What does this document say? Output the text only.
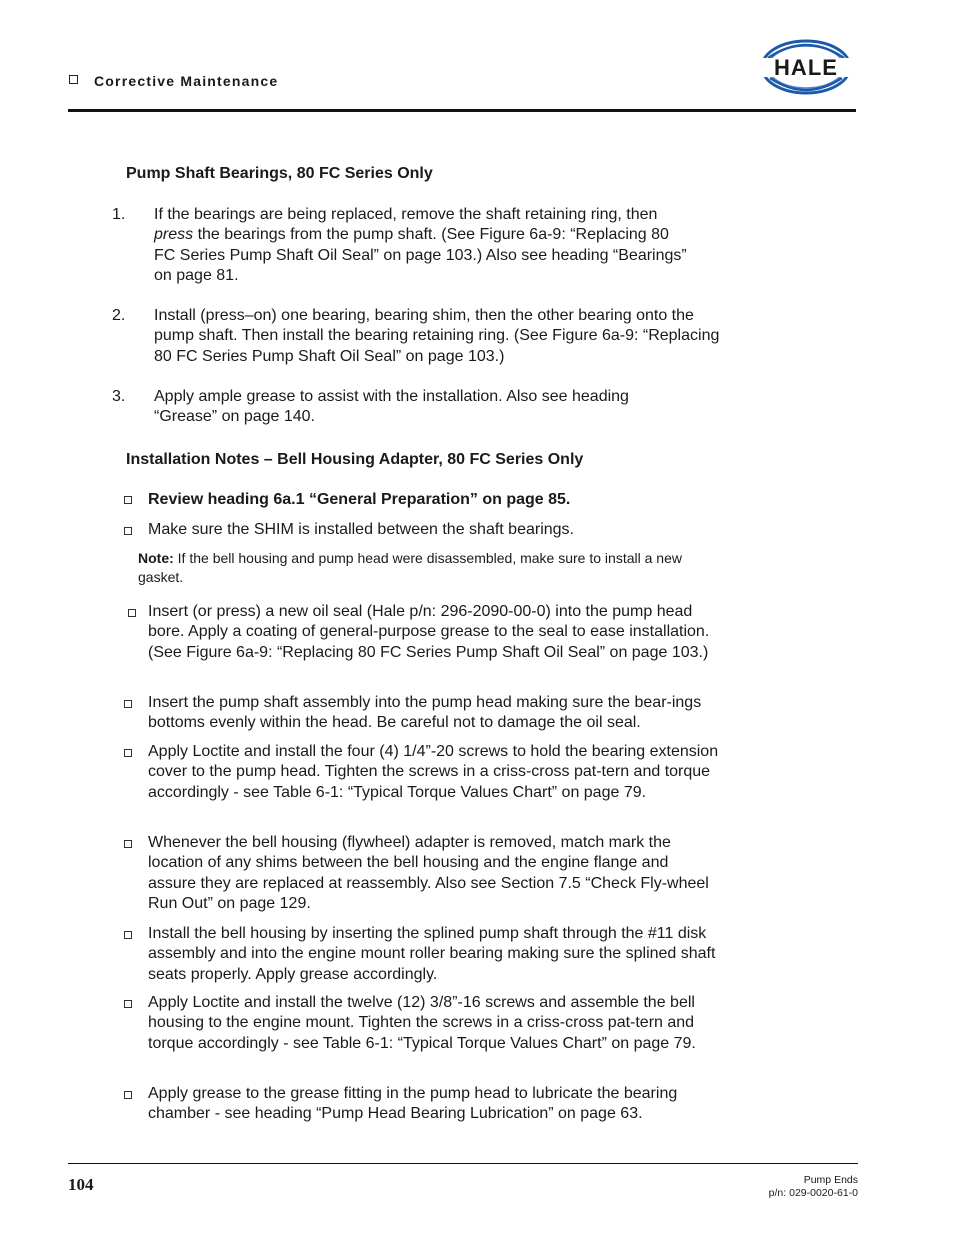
Corrective Maintenance
HALE
Pump Shaft Bearings, 80 FC Series Only
1. If the bearings are being replaced, remove the shaft retaining ring, then
press the bearings from the pump shaft. (See Figure 6a-9: “Replacing 80
FC Series Pump Shaft Oil Seal” on page 103.) Also see heading “Bearings”
on page 81.
2. Install (press–on) one bearing, bearing shim, then the other bearing onto the pump shaft. Then install the bearing retaining ring. (See Figure 6a-9: “Replacing 80 FC Series Pump Shaft Oil Seal” on page 103.)
3. Apply ample grease to assist with the installation. Also see heading “Grease” on page 140.
Installation Notes – Bell Housing Adapter, 80 FC Series Only
Review heading 6a.1 “General Preparation” on page 85.
Make sure the SHIM is installed between the shaft bearings.
Note: If the bell housing and pump head were disassembled, make sure to install a new gasket.
Insert (or press) a new oil seal (Hale p/n: 296-2090-00-0) into the pump head bore. Apply a coating of general-purpose grease to the seal to ease installation. (See Figure 6a-9: “Replacing 80 FC Series Pump Shaft Oil Seal” on page 103.)
Insert the pump shaft assembly into the pump head making sure the bear-ings bottoms evenly within the head. Be careful not to damage the oil seal.
Apply Loctite and install the four (4) 1/4”-20 screws to hold the bearing extension cover to the pump head. Tighten the screws in a criss-cross pat-tern and torque accordingly - see Table 6-1: “Typical Torque Values Chart” on page 79.
Whenever the bell housing (flywheel) adapter is removed, match mark the location of any shims between the bell housing and the engine flange and assure they are replaced at reassembly. Also see Section 7.5 “Check Fly-wheel Run Out” on page 129.
Install the bell housing by inserting the splined pump shaft through the #11 disk assembly and into the engine mount roller bearing making sure the splined shaft seats properly. Apply grease accordingly.
Apply Loctite and install the twelve (12) 3/8”-16 screws and assemble the bell housing to the engine mount. Tighten the screws in a criss-cross pat-tern and torque accordingly - see Table 6-1: “Typical Torque Values Chart” on page 79.
Apply grease to the grease fitting in the pump head to lubricate the bearing chamber - see heading “Pump Head Bearing Lubrication” on page 63.
104	Pump Ends
p/n: 029-0020-61-0
